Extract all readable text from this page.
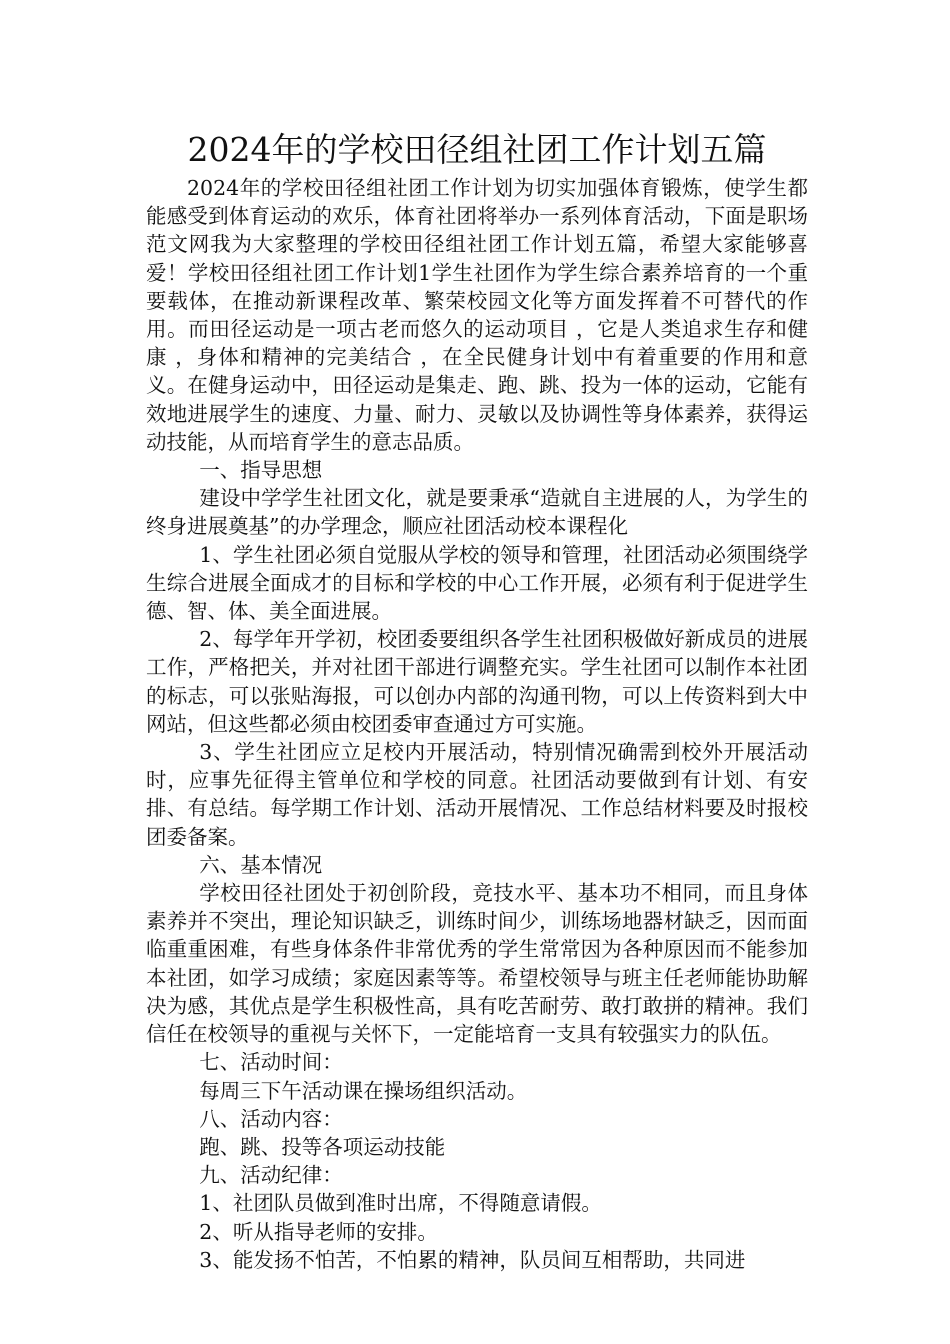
2024年的学校田径组社团工作计划五篇

2024年的学校田径组社团工作计划为切实加强体育锻炼，使学生都能感受到体育运动的欢乐，体育社团将举办一系列体育活动，下面是职场范文网我为大家整理的学校田径组社团工作计划五篇，希望大家能够喜爱！学校田径组社团工作计划1学生社团作为学生综合素养培育的一个重要载体，在推动新课程改革、繁荣校园文化等方面发挥着不可替代的作用。而田径运动是一项古老而悠久的运动项目 ，它是人类追求生存和健康 ，身体和精神的完美结合 ，在全民健身计划中有着重要的作用和意义。在健身运动中，田径运动是集走、跑、跳、投为一体的运动，它能有效地进展学生的速度、力量、耐力、灵敏以及协调性等身体素养，获得运动技能，从而培育学生的意志品质。

一、指导思想

建设中学学生社团文化，就是要秉承“造就自主进展的人，为学生的终身进展奠基”的办学理念，顺应社团活动校本课程化

1、学生社团必须自觉服从学校的领导和管理，社团活动必须围绕学生综合进展全面成才的目标和学校的中心工作开展，必须有利于促进学生德、智、体、美全面进展。

2、每学年开学初，校团委要组织各学生社团积极做好新成员的进展工作，严格把关，并对社团干部进行调整充实。学生社团可以制作本社团的标志，可以张贴海报，可以创办内部的沟通刊物，可以上传资料到大中网站，但这些都必须由校团委审查通过方可实施。

3、学生社团应立足校内开展活动，特别情况确需到校外开展活动时，应事先征得主管单位和学校的同意。社团活动要做到有计划、有安排、有总结。每学期工作计划、活动开展情况、工作总结材料要及时报校团委备案。

六、基本情况

学校田径社团处于初创阶段，竞技水平、基本功不相同，而且身体素养并不突出，理论知识缺乏，训练时间少，训练场地器材缺乏，因而面临重重困难，有些身体条件非常优秀的学生常常因为各种原因而不能参加本社团，如学习成绩；家庭因素等等。希望校领导与班主任老师能协助解决为感，其优点是学生积极性高，具有吃苦耐劳、敢打敢拼的精神。我们信任在校领导的重视与关怀下，一定能培育一支具有较强实力的队伍。

七、活动时间：

每周三下午活动课在操场组织活动。

八、活动内容：

跑、跳、投等各项运动技能

九、活动纪律：

1、社团队员做到准时出席，不得随意请假。

2、听从指导老师的安排。

3、能发扬不怕苦，不怕累的精神，队员间互相帮助，共同进
